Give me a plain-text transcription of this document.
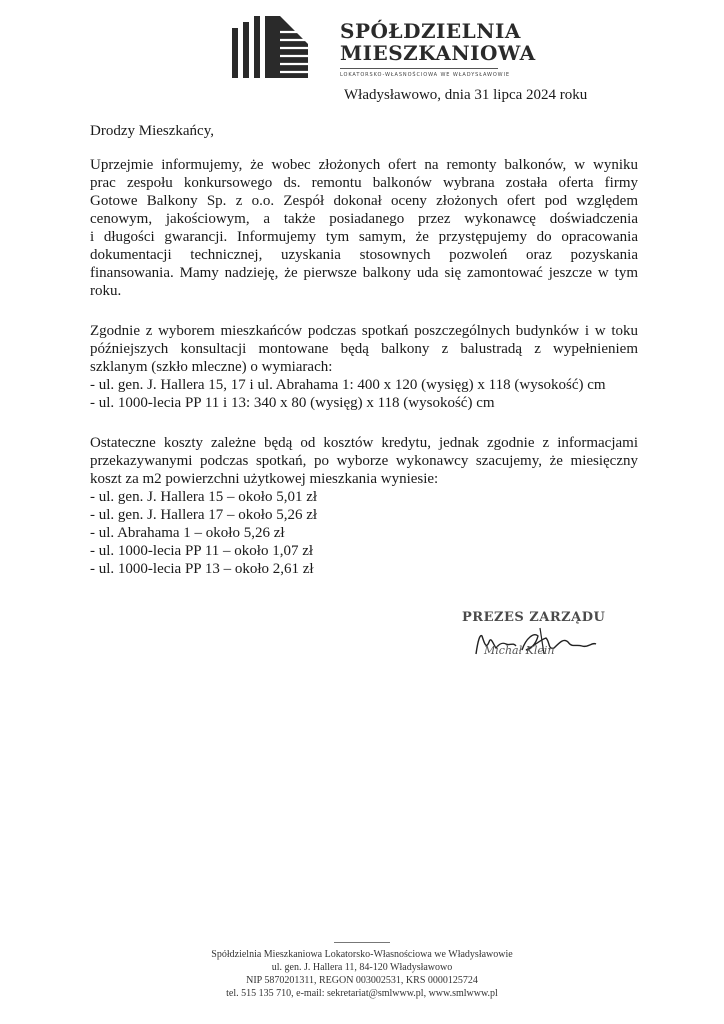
SPÓŁDZIELNIA
MIESZKANIOWA
LOKATORSKO-WŁASNOŚCIOWA WE WŁADYSŁAWOWIE
Władysławowo, dnia 31 lipca 2024 roku
Drodzy Mieszkańcy,
Uprzejmie informujemy, że wobec złożonych ofert na remonty balkonów, w wyniku
prac zespołu konkursowego ds. remontu balkonów wybrana została oferta firmy
Gotowe Balkony Sp. z o.o. Zespół dokonał oceny złożonych ofert pod względem
cenowym, jakościowym, a także posiadanego przez wykonawcę doświadczenia
i długości gwarancji. Informujemy tym samym, że przystępujemy do opracowania
dokumentacji technicznej, uzyskania stosownych pozwoleń oraz pozyskania
finansowania. Mamy nadzieję, że pierwsze balkony uda się zamontować jeszcze w tym
roku.
Zgodnie z wyborem mieszkańców podczas spotkań poszczególnych budynków i w toku
późniejszych konsultacji montowane będą balkony z balustradą z wypełnieniem
szklanym (szkło mleczne) o wymiarach:
- ul. gen. J. Hallera 15, 17 i ul. Abrahama 1: 400 x 120 (wysięg) x 118 (wysokość) cm
- ul. 1000-lecia PP 11 i 13: 340 x 80 (wysięg) x 118 (wysokość) cm
Ostateczne koszty zależne będą od kosztów kredytu, jednak zgodnie z informacjami
przekazywanymi podczas spotkań, po wyborze wykonawcy szacujemy, że miesięczny
koszt za m2 powierzchni użytkowej mieszkania wyniesie:
- ul. gen. J. Hallera 15 – około 5,01 zł
- ul. gen. J. Hallera 17 – około 5,26 zł
- ul. Abrahama 1 – około 5,26 zł
- ul. 1000-lecia PP 11 – około 1,07 zł
- ul. 1000-lecia PP 13 – około 2,61 zł
PREZES ZARZĄDU
Michał Klein
Spółdzielnia Mieszkaniowa Lokatorsko-Własnościowa we Władysławowie
ul. gen. J. Hallera 11, 84-120 Władysławowo
NIP 5870201311, REGON 003002531, KRS 0000125724
tel. 515 135 710, e-mail: sekretariat@smlwww.pl, www.smlwww.pl
